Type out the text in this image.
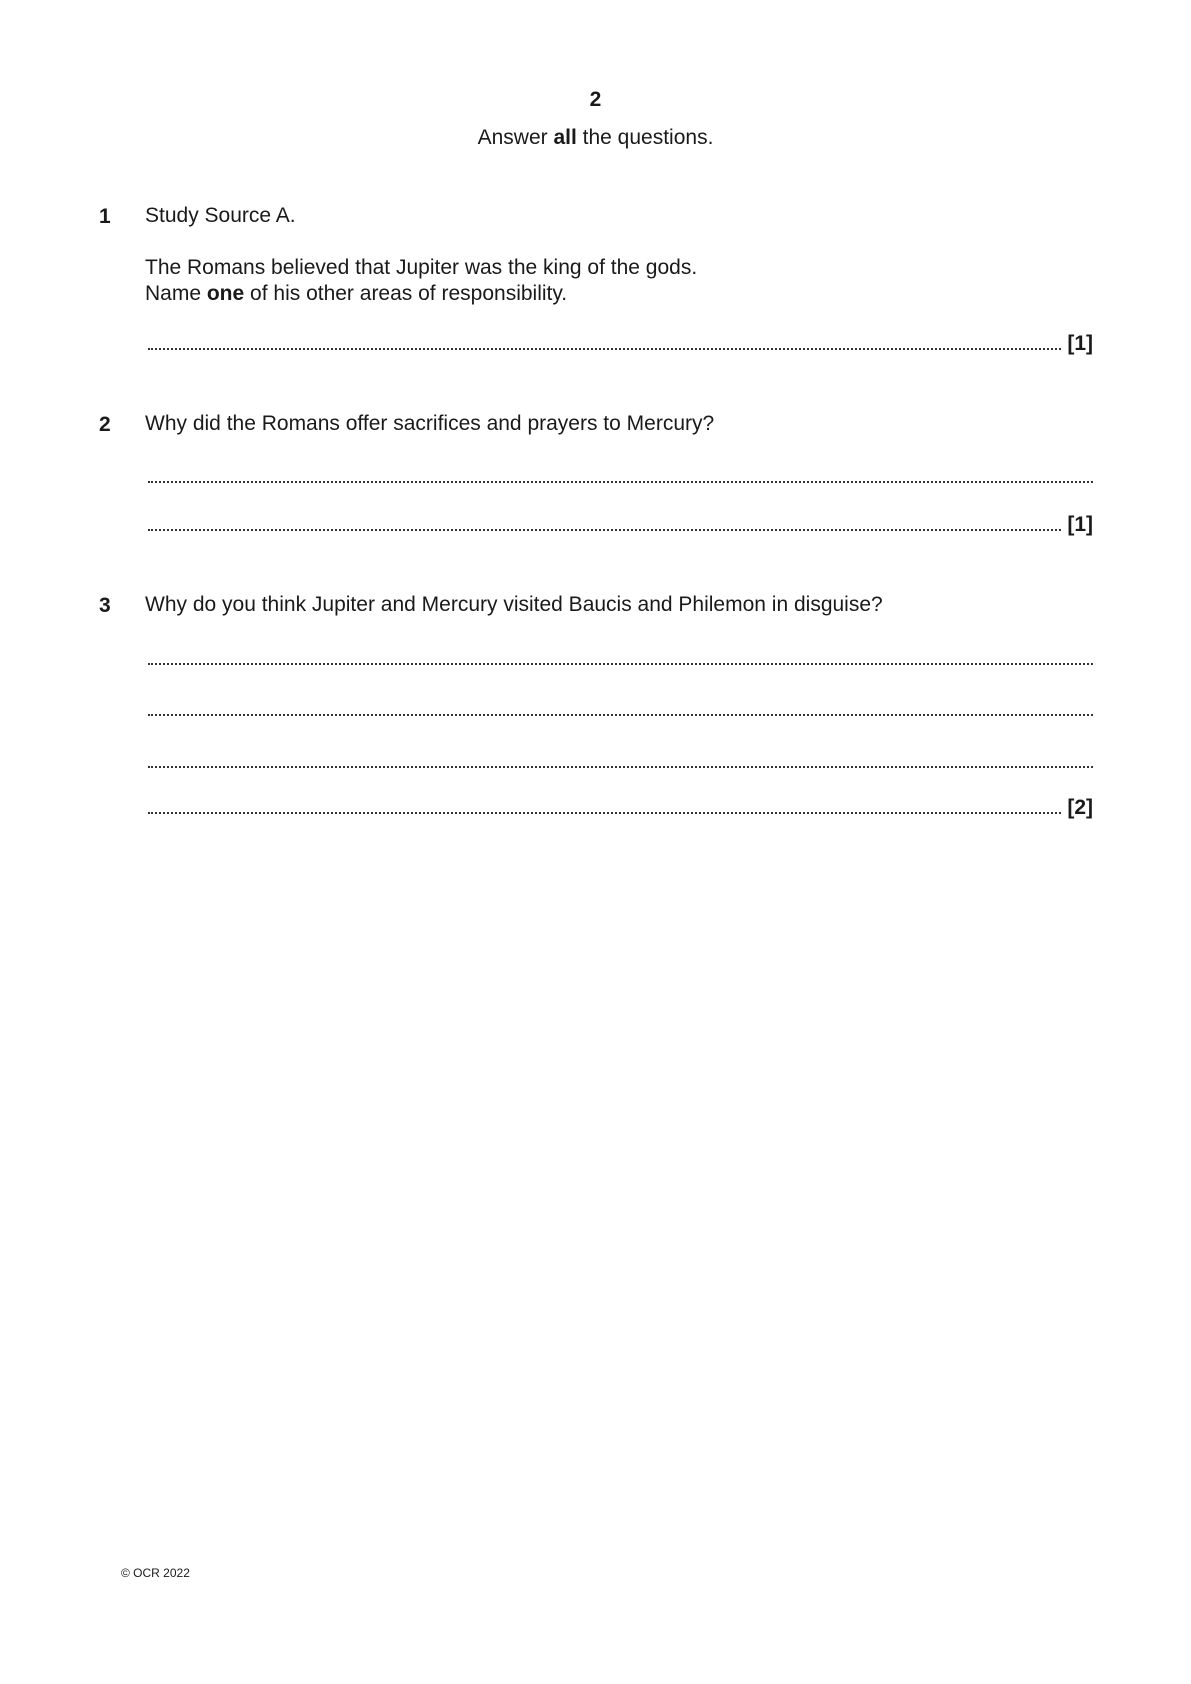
2
Answer all the questions.
1 Study Source A.
The Romans believed that Jupiter was the king of the gods.
Name one of his other areas of responsibility.
[1]
2 Why did the Romans offer sacrifices and prayers to Mercury?
[1]
3 Why do you think Jupiter and Mercury visited Baucis and Philemon in disguise?
[2]
© OCR 2022
